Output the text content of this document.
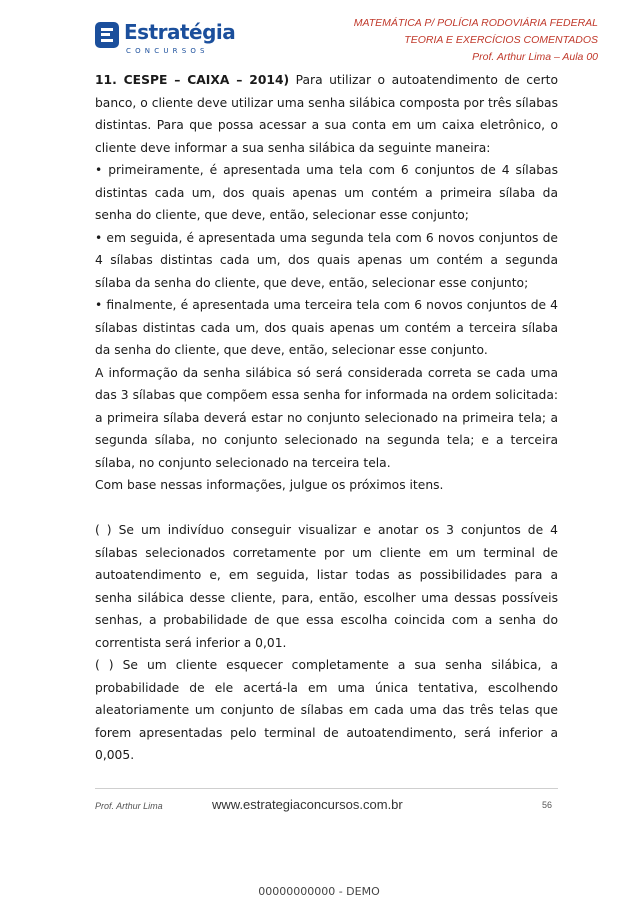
Estratégia
CONCURSOS
MATEMÁTICA P/ POLÍCIA RODOVIÁRIA FEDERAL
TEORIA E EXERCÍCIOS COMENTADOS
Prof. Arthur Lima – Aula 00

11. CESPE – CAIXA – 2014) Para utilizar o autoatendimento de certo banco, o cliente deve utilizar uma senha silábica composta por três sílabas distintas. Para que possa acessar a sua conta em um caixa eletrônico, o cliente deve informar a sua senha silábica da seguinte maneira:

• primeiramente, é apresentada uma tela com 6 conjuntos de 4 sílabas distintas cada um, dos quais apenas um contém a primeira sílaba da senha do cliente, que deve, então, selecionar esse conjunto;

• em seguida, é apresentada uma segunda tela com 6 novos conjuntos de 4 sílabas distintas cada um, dos quais apenas um contém a segunda sílaba da senha do cliente, que deve, então, selecionar esse conjunto;

• finalmente, é apresentada uma terceira tela com 6 novos conjuntos de 4 sílabas distintas cada um, dos quais apenas um contém a terceira sílaba da senha do cliente, que deve, então, selecionar esse conjunto.

A informação da senha silábica só será considerada correta se cada uma das 3 sílabas que compõem essa senha for informada na ordem solicitada: a primeira sílaba deverá estar no conjunto selecionado na primeira tela; a segunda sílaba, no conjunto selecionado na segunda tela; e a terceira sílaba, no conjunto selecionado na terceira tela.

Com base nessas informações, julgue os próximos itens.

( ) Se um indivíduo conseguir visualizar e anotar os 3 conjuntos de 4 sílabas selecionados corretamente por um cliente em um terminal de autoatendimento e, em seguida, listar todas as possibilidades para a senha silábica desse cliente, para, então, escolher uma dessas possíveis senhas, a probabilidade de que essa escolha coincida com a senha do correntista será inferior a 0,01.

( ) Se um cliente esquecer completamente a sua senha silábica, a probabilidade de ele acertá-la em uma única tentativa, escolhendo aleatoriamente um conjunto de sílabas em cada uma das três telas que forem apresentadas pelo terminal de autoatendimento, será inferior a 0,005.

Prof. Arthur Lima	www.estrategiaconcursos.com.br	56
00000000000 - DEMO
